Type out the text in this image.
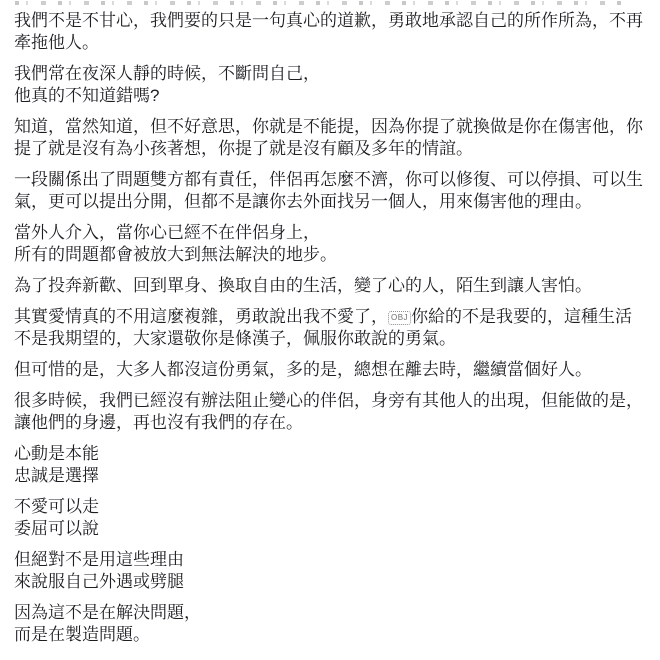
我們不是不甘心，我們要的只是一句真心的道歉，勇敢地承認自己的所作所為，不再牽拖他人。

我們常在夜深人靜的時候，不斷問自己，
他真的不知道錯嗎?

知道，當然知道，但不好意思，你就是不能提，因為你提了就換做是你在傷害他，你提了就是沒有為小孩著想，你提了就是沒有顧及多年的情誼。

一段關係出了問題雙方都有責任，伴侶再怎麼不濟，你可以修復、可以停損、可以生氣，更可以提出分開，但都不是讓你去外面找另一個人，用來傷害他的理由。

當外人介入，當你心已經不在伴侶身上，
所有的問題都會被放大到無法解決的地步。

為了投奔新歡、回到單身、換取自由的生活，變了心的人，陌生到讓人害怕。

其實愛情真的不用這麼複雜，勇敢說出我不愛了， OBJ 你給的不是我要的，這種生活不是我期望的，大家還敬你是條漢子，佩服你敢說的勇氣。

但可惜的是，大多人都沒這份勇氣，多的是，總想在離去時，繼續當個好人。

很多時候，我們已經沒有辦法阻止變心的伴侶，身旁有其他人的出現，但能做的是，讓他們的身邊，再也沒有我們的存在。

心動是本能
忠誠是選擇

不愛可以走
委屈可以說

但絕對不是用這些理由
來說服自己外遇或劈腿

因為這不是在解決問題，
而是在製造問題。
